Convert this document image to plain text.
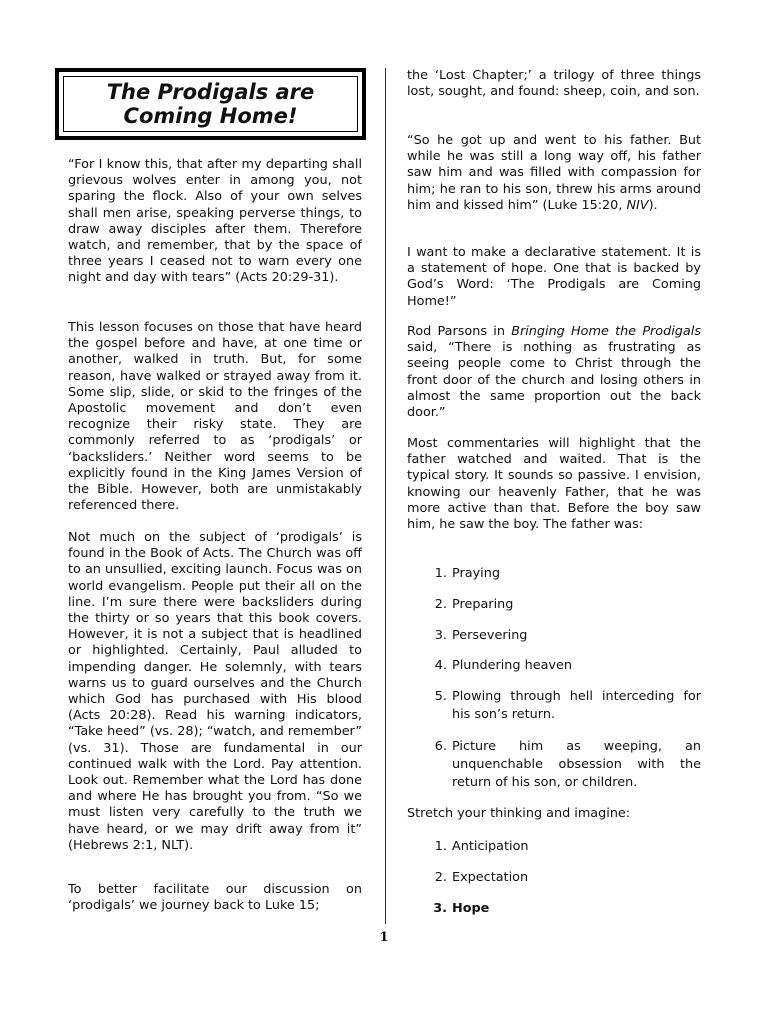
The Prodigals are Coming Home!

“For I know this, that after my departing shall grievous wolves enter in among you, not sparing the flock. Also of your own selves shall men arise, speaking perverse things, to draw away disciples after them. Therefore watch, and remember, that by the space of three years I ceased not to warn every one night and day with tears” (Acts 20:29-31).

This lesson focuses on those that have heard the gospel before and have, at one time or another, walked in truth. But, for some reason, have walked or strayed away from it. Some slip, slide, or skid to the fringes of the Apostolic movement and don’t even recognize their risky state. They are commonly referred to as ‘prodigals’ or ‘backsliders.’ Neither word seems to be explicitly found in the King James Version of the Bible. However, both are unmistakably referenced there.

Not much on the subject of ‘prodigals’ is found in the Book of Acts. The Church was off to an unsullied, exciting launch. Focus was on world evangelism. People put their all on the line. I’m sure there were backsliders during the thirty or so years that this book covers. However, it is not a subject that is headlined or highlighted. Certainly, Paul alluded to impending danger. He solemnly, with tears warns us to guard ourselves and the Church which God has purchased with His blood (Acts 20:28). Read his warning indicators, “Take heed” (vs. 28); “watch, and remember” (vs. 31). Those are fundamental in our continued walk with the Lord. Pay attention. Look out. Remember what the Lord has done and where He has brought you from. “So we must listen very carefully to the truth we have heard, or we may drift away from it” (Hebrews 2:1, NLT).

To better facilitate our discussion on ‘prodigals’ we journey back to Luke 15;

the ‘Lost Chapter;’ a trilogy of three things lost, sought, and found: sheep, coin, and son.

“So he got up and went to his father. But while he was still a long way off, his father saw him and was filled with compassion for him; he ran to his son, threw his arms around him and kissed him” (Luke 15:20, NIV).

I want to make a declarative statement. It is a statement of hope. One that is backed by God’s Word: ‘The Prodigals are Coming Home!”

Rod Parsons in Bringing Home the Prodigals said, “There is nothing as frustrating as seeing people come to Christ through the front door of the church and losing others in almost the same proportion out the back door.”

Most commentaries will highlight that the father watched and waited. That is the typical story. It sounds so passive. I envision, knowing our heavenly Father, that he was more active than that. Before the boy saw him, he saw the boy. The father was:

1. Praying
2. Preparing
3. Persevering
4. Plundering heaven
5. Plowing through hell interceding for his son’s return.
6. Picture him as weeping, an unquenchable obsession with the return of his son, or children.

Stretch your thinking and imagine:

1. Anticipation
2. Expectation
3. Hope
1
